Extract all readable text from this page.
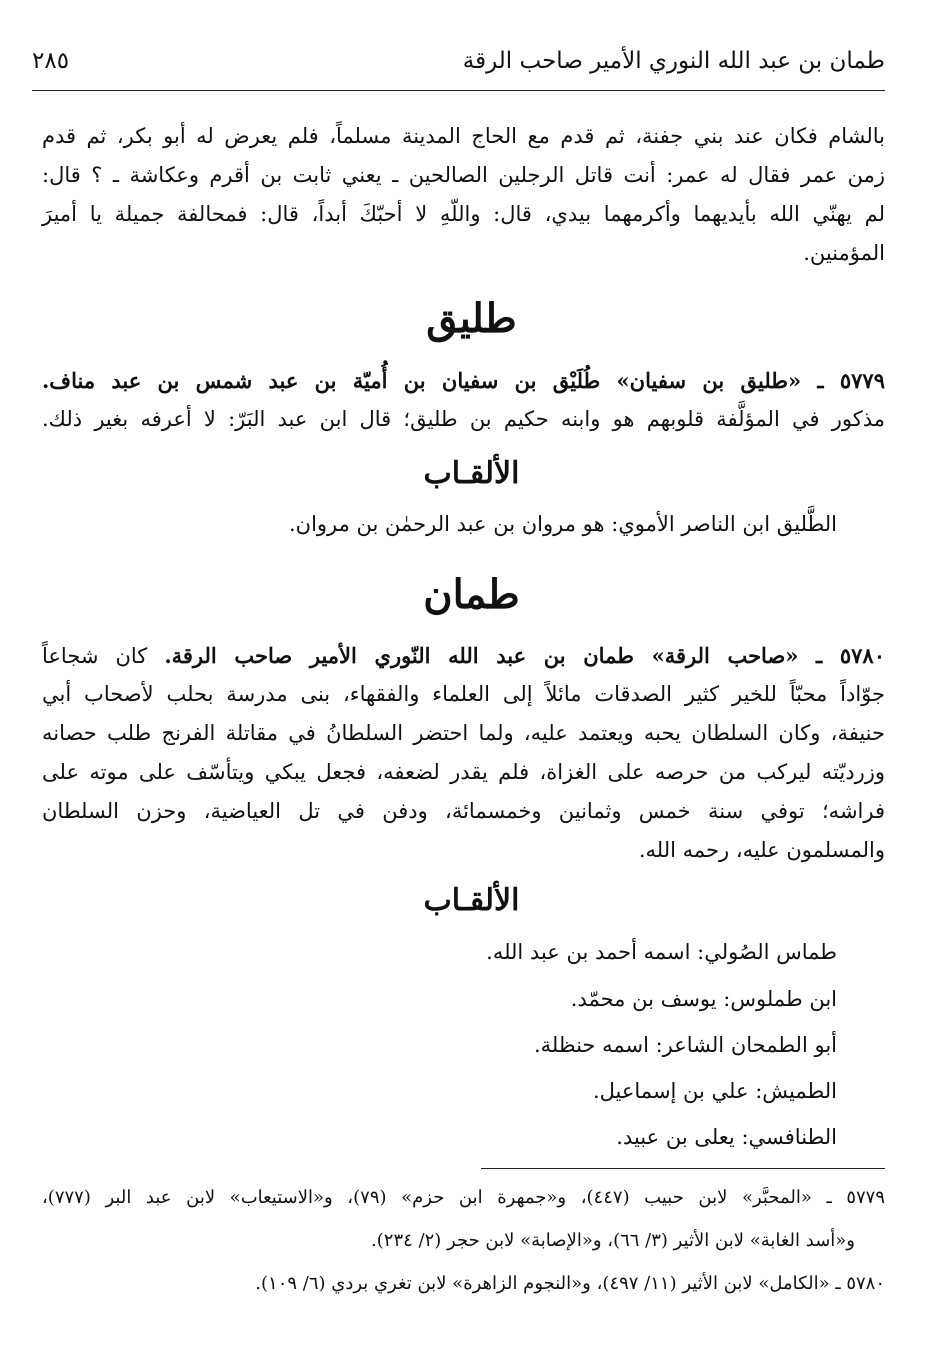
طمان بن عبد الله النوري الأمير صاحب الرقة
٢٨٥

بالشام فكان عند بني جفنة، ثم قدم مع الحاج المدينة مسلماً، فلم يعرض له أبو بكر، ثم قدم

زمن عمر فقال له عمر: أنت قاتل الرجلين الصالحين ـ يعني ثابت بن أقرم وعكاشة ـ ؟ قال:

لم يهنّي الله بأيديهما وأكرمهما بيدي، قال: واللّهِ لا أحبّكَ أبداً، قال: فمحالفة جميلة يا أميرَ

المؤمنين.

طليق
٥٧٧٩ ـ «طليق بن سفيان» طُلَيْق بن سفيان بن أُميّة بن عبد شمس بن عبد مناف.
مذكور في المؤلَّفة قلوبهم هو وابنه حكيم بن طليق؛ قال ابن عبد البَرّ: لا أعرفه بغير ذلك.
الألقـاب
الطَّليق ابن الناصر الأموي: هو مروان بن عبد الرحمٰن بن مروان.
طمان
٥٧٨٠ ـ «صاحب الرقة» طمان بن عبد الله النّوري الأمير صاحب الرقة. كان شجاعاً

جوّاداً محبّاً للخير كثير الصدقات مائلاً إلى العلماء والفقهاء، بنى مدرسة بحلب لأصحاب أبي

حنيفة، وكان السلطان يحبه ويعتمد عليه، ولما احتضر السلطانُ في مقاتلة الفرنج طلب حصانه

وزرديّته ليركب من حرصه على الغزاة، فلم يقدر لضعفه، فجعل يبكي ويتأسّف على موته على

فراشه؛ توفي سنة خمس وثمانين وخمسمائة، ودفن في تل العياضية، وحزن السلطان

والمسلمون عليه، رحمه الله.

الألقـاب
طماس الصُولي: اسمه أحمد بن عبد الله.
ابن طملوس: يوسف بن محمّد.
أبو الطمحان الشاعر: اسمه حنظلة.
الطميش: علي بن إسماعيل.
الطنافسي: يعلى بن عبيد.
٥٧٧٩ ـ «المحبَّر» لابن حبيب (٤٤٧)، و«جمهرة ابن حزم» (٧٩)، و«الاستيعاب» لابن عبد البر (٧٧٧)،
و«أسد الغابة» لابن الأثير (٣/ ٦٦)، و«الإصابة» لابن حجر (٢/ ٢٣٤).
٥٧٨٠ ـ «الكامل» لابن الأثير (١١/ ٤٩٧)، و«النجوم الزاهرة» لابن تغري بردي (٦/ ١٠٩).
